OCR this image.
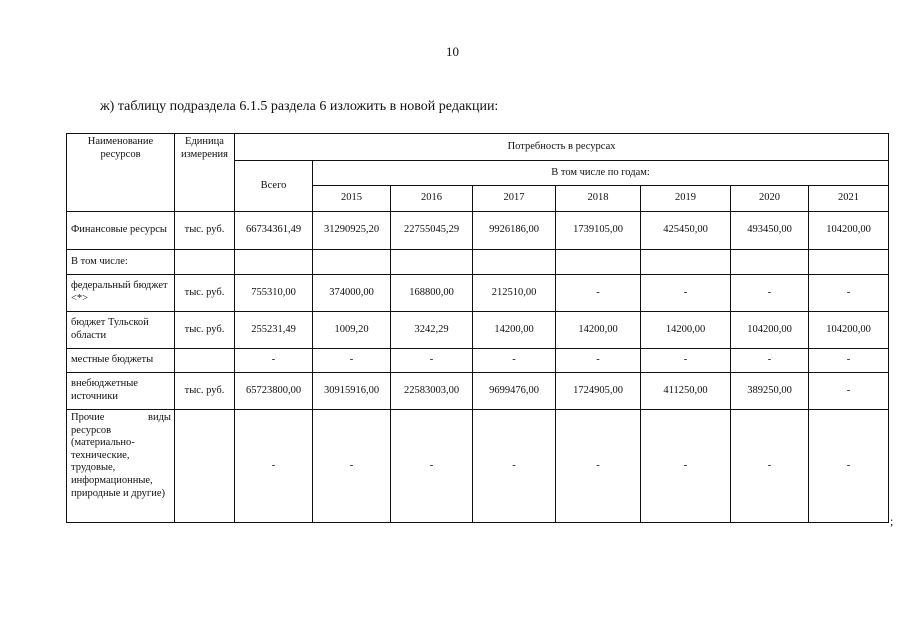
10
ж) таблицу подраздела 6.1.5 раздела 6 изложить в новой редакции:
Наименование ресурсов	Единица измерения	Потребность в ресурсах							
		Всего	В том числе по годам:						
			2015	2016	2017	2018	2019	2020	2021
Финансовые ресурсы	тыс. руб.	66734361,49	31290925,20	22755045,29	9926186,00	1739105,00	425450,00	493450,00	104200,00
В том числе:									
федеральный бюджет <*>	тыс. руб.	755310,00	374000,00	168800,00	212510,00	-	-	-	-
бюджет Тульской области	тыс. руб.	255231,49	1009,20	3242,29	14200,00	14200,00	14200,00	104200,00	104200,00
местные бюджеты		-	-	-	-	-	-	-	-
внебюджетные источники	тыс. руб.	65723800,00	30915916,00	22583003,00	9699476,00	1724905,00	411250,00	389250,00	-
Прочие виды ресурсов (материально-технические, трудовые, информационные, природные и другие)		-	-	-	-	-	-	-	-
;
